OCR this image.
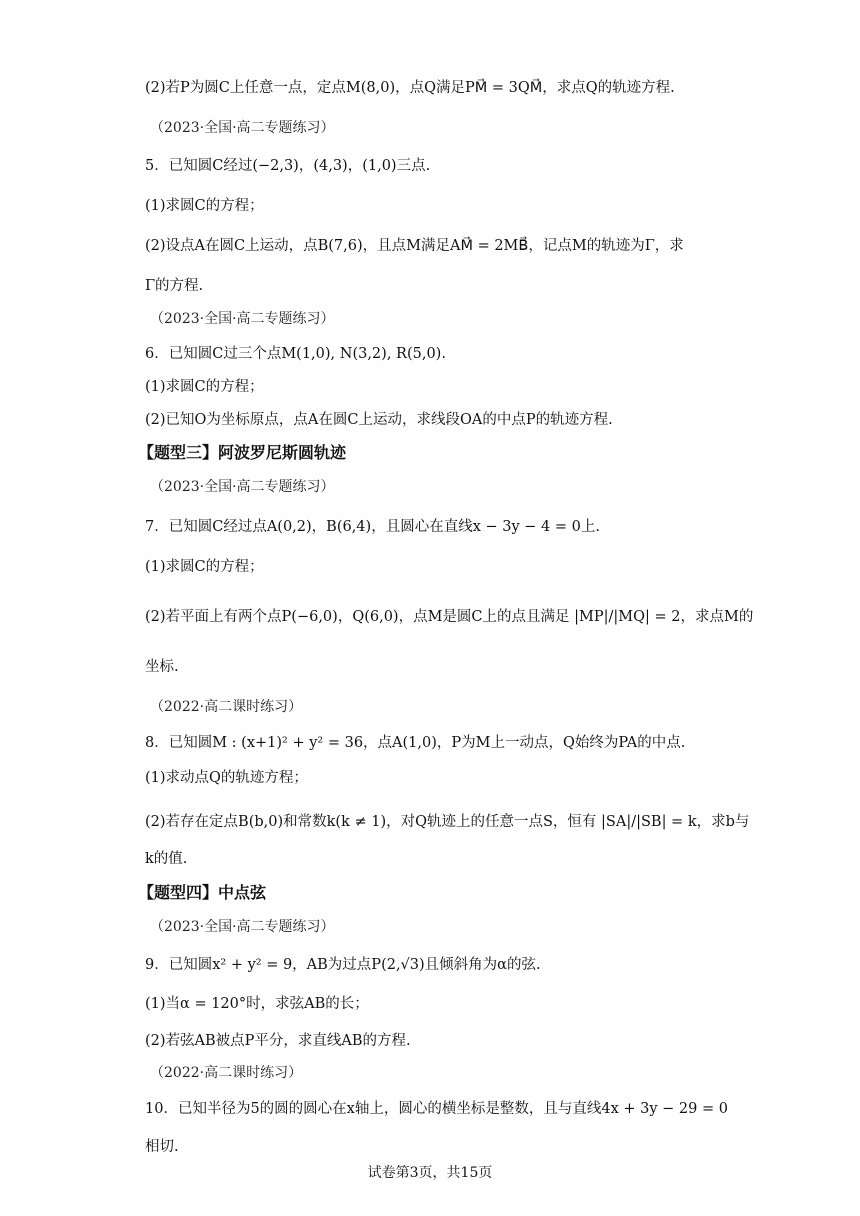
(2)若P为圆C上任意一点，定点M(8,0)，点Q满足PM⃗ = 3QM⃗，求点Q的轨迹方程.
（2023·全国·高二专题练习）
5．已知圆C经过(−2,3)，(4,3)，(1,0)三点.
(1)求圆C的方程；
(2)设点A在圆C上运动，点B(7,6)，且点M满足AM⃗ = 2MB⃗，记点M的轨迹为Γ，求
Γ的方程.
（2023·全国·高二专题练习）
6．已知圆C过三个点M(1,0), N(3,2), R(5,0).
(1)求圆C的方程；
(2)已知O为坐标原点，点A在圆C上运动，求线段OA的中点P的轨迹方程.
【题型三】阿波罗尼斯圆轨迹
（2023·全国·高二专题练习）
7．已知圆C经过点A(0,2)，B(6,4)，且圆心在直线x − 3y − 4 = 0上.
(1)求圆C的方程；
(2)若平面上有两个点P(−6,0)，Q(6,0)，点M是圆C上的点且满足 |MP|/|MQ| = 2，求点M的
坐标.
（2022·高二课时练习）
8．已知圆M : (x+1)² + y² = 36，点A(1,0)，P为M上一动点，Q始终为PA的中点.
(1)求动点Q的轨迹方程；
(2)若存在定点B(b,0)和常数k(k ≠ 1)，对Q轨迹上的任意一点S，恒有 |SA|/|SB| = k，求b与
k的值.
【题型四】中点弦
（2023·全国·高二专题练习）
9．已知圆x² + y² = 9，AB为过点P(2,√3)且倾斜角为α的弦.
(1)当α = 120°时，求弦AB的长；
(2)若弦AB被点P平分，求直线AB的方程.
（2022·高二课时练习）
10．已知半径为5的圆的圆心在x轴上，圆心的横坐标是整数，且与直线4x + 3y − 29 = 0
相切.
试卷第3页，共15页
